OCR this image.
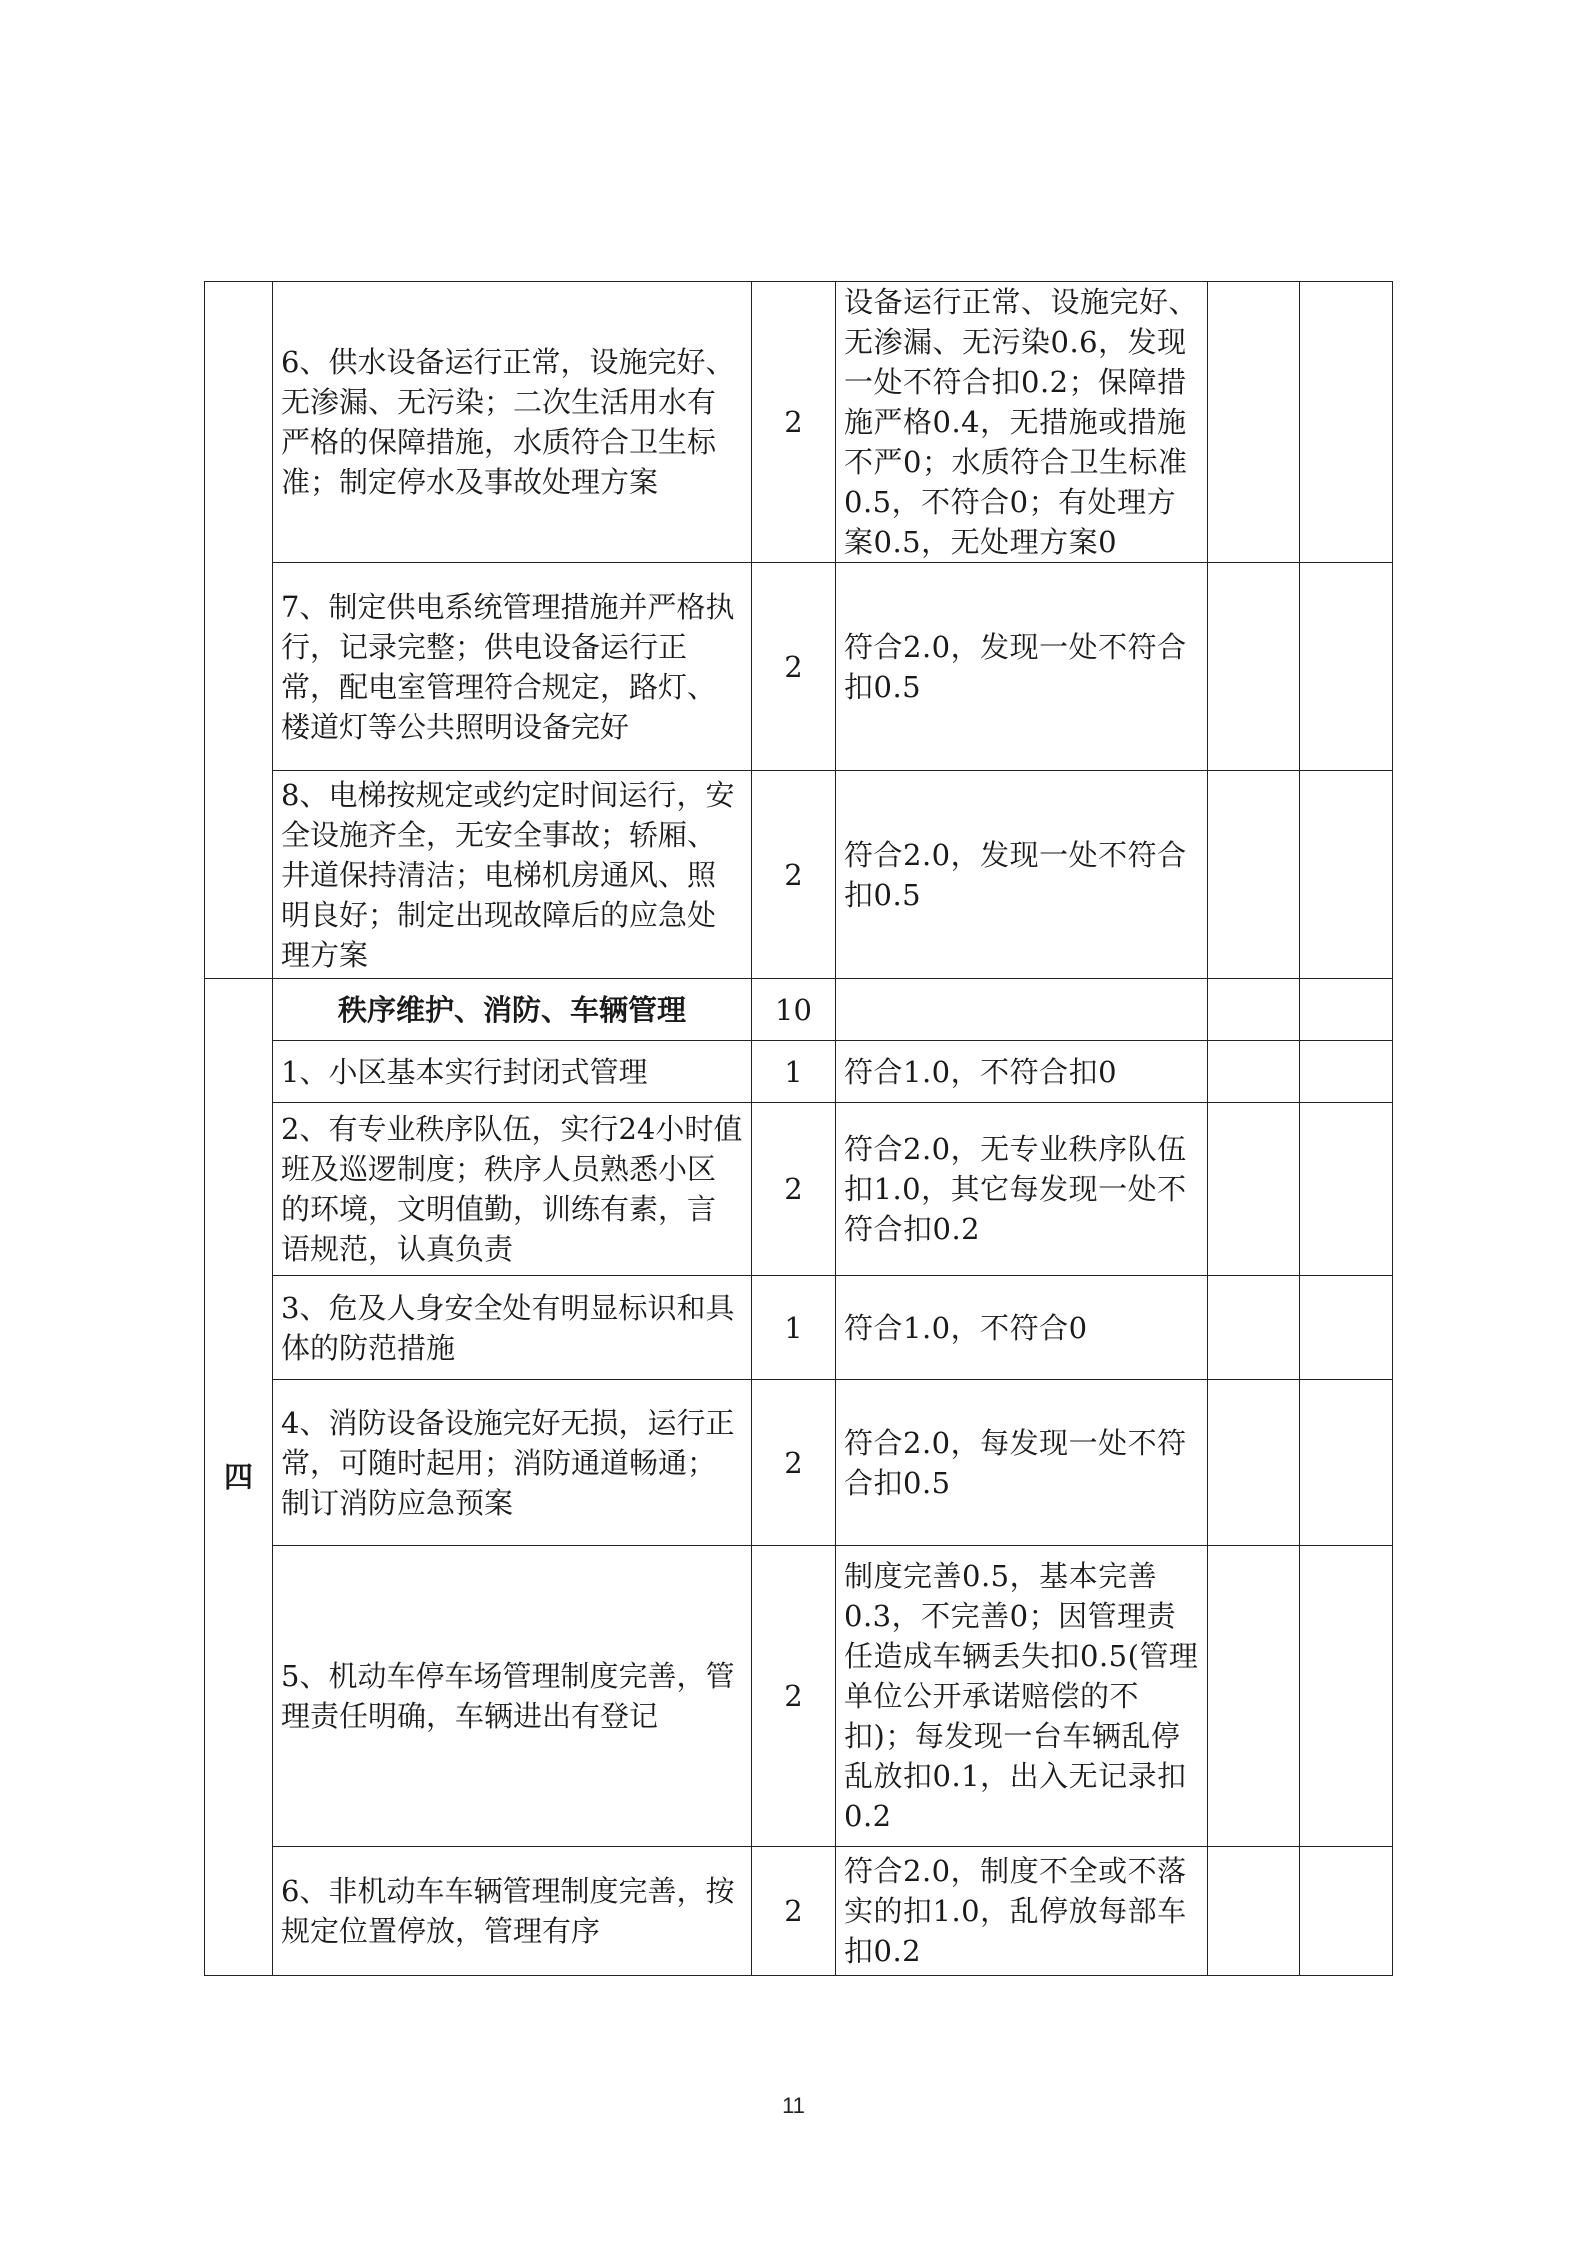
	6、供水设备运行正常，设施完好、无渗漏、无污染；二次生活用水有严格的保障措施，水质符合卫生标准；制定停水及事故处理方案	2	设备运行正常、设施完好、无渗漏、无污染0.6，发现一处不符合扣0.2；保障措施严格0.4，无措施或措施不严0；水质符合卫生标准0.5，不符合0；有处理方案0.5，无处理方案0		
	7、制定供电系统管理措施并严格执行，记录完整；供电设备运行正常，配电室管理符合规定，路灯、楼道灯等公共照明设备完好	2	符合2.0，发现一处不符合扣0.5		
	8、电梯按规定或约定时间运行，安全设施齐全，无安全事故；轿厢、井道保持清洁；电梯机房通风、照明良好；制定出现故障后的应急处理方案	2	符合2.0，发现一处不符合扣0.5		
四	秩序维护、消防、车辆管理	10			
	1、小区基本实行封闭式管理	1	符合1.0，不符合扣0		
	2、有专业秩序队伍，实行24小时值班及巡逻制度；秩序人员熟悉小区的环境，文明值勤，训练有素，言语规范，认真负责	2	符合2.0，无专业秩序队伍扣1.0，其它每发现一处不符合扣0.2		
	3、危及人身安全处有明显标识和具体的防范措施	1	符合1.0，不符合0		
	4、消防设备设施完好无损，运行正常，可随时起用；消防通道畅通；制订消防应急预案	2	符合2.0，每发现一处不符合扣0.5		
	5、机动车停车场管理制度完善，管理责任明确，车辆进出有登记	2	制度完善0.5，基本完善0.3，不完善0；因管理责任造成车辆丢失扣0.5(管理单位公开承诺赔偿的不扣)；每发现一台车辆乱停乱放扣0.1，出入无记录扣0.2		
	6、非机动车车辆管理制度完善，按规定位置停放，管理有序	2	符合2.0，制度不全或不落实的扣1.0，乱停放每部车扣0.2		
11
